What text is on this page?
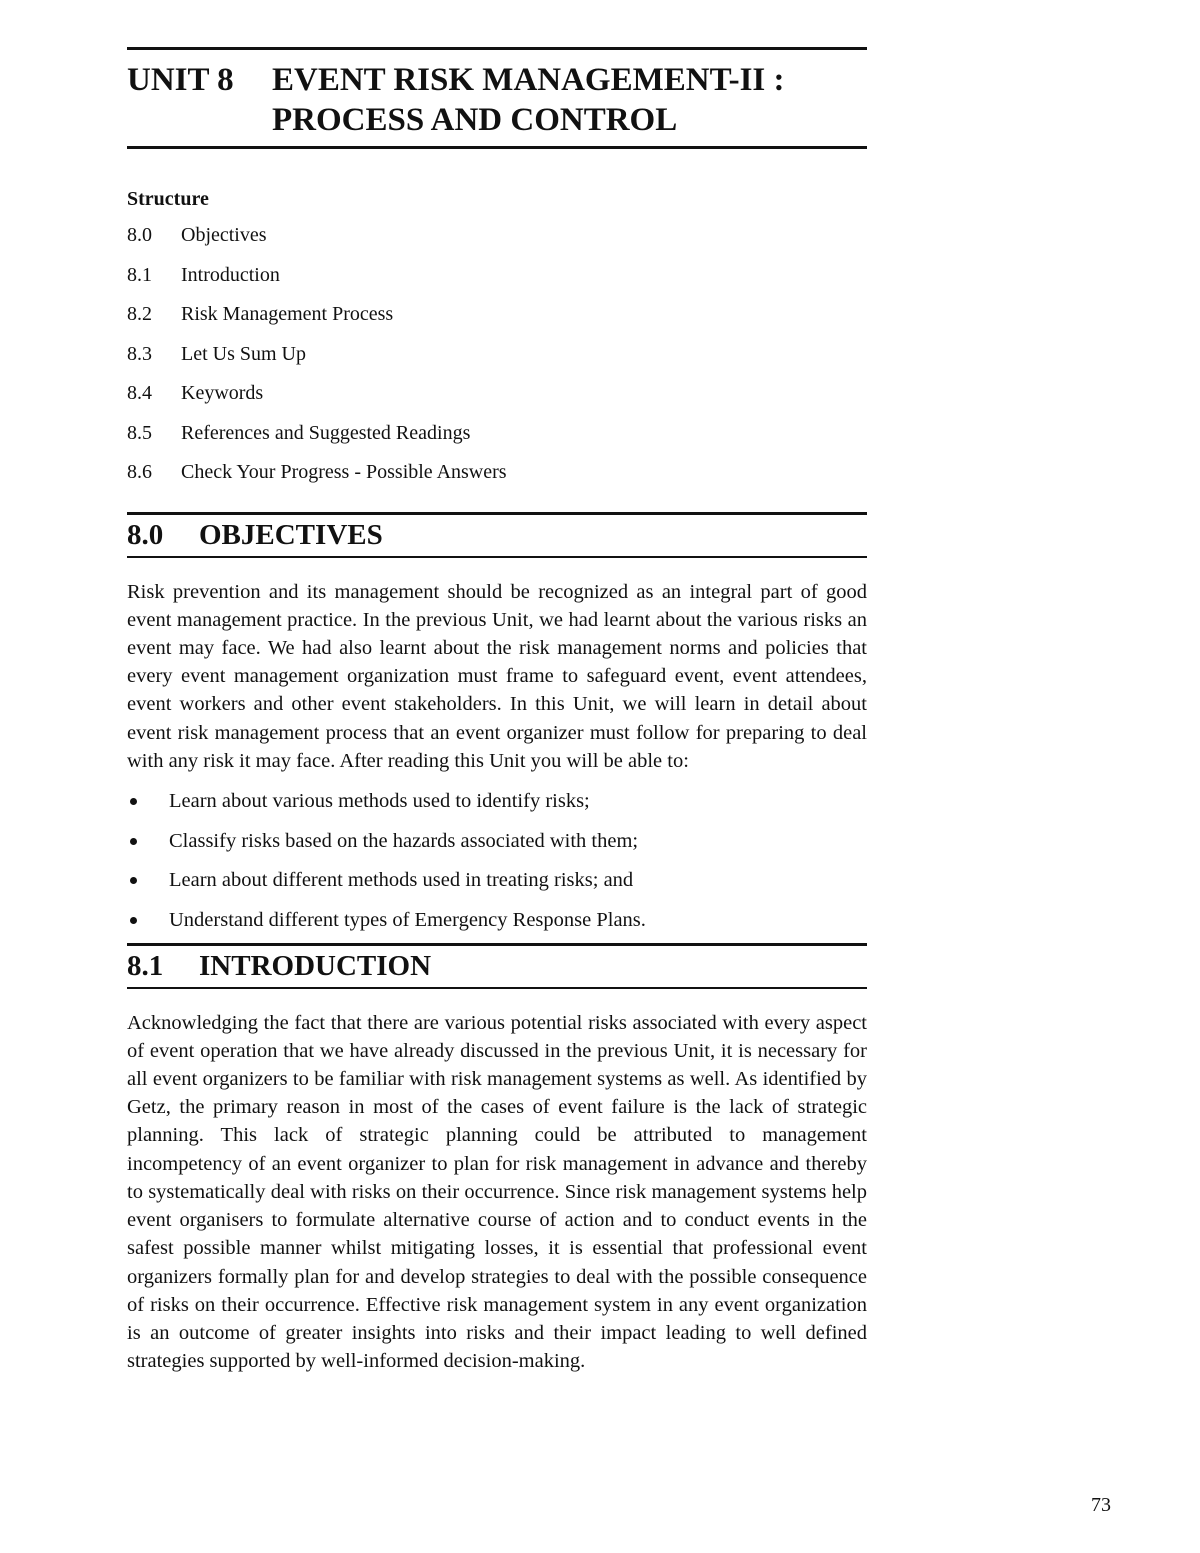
UNIT 8	EVENT RISK MANAGEMENT-II :
PROCESS AND CONTROL
Structure
8.0	Objectives
8.1	Introduction
8.2	Risk Management Process
8.3	Let Us Sum Up
8.4	Keywords
8.5	References and Suggested Readings
8.6	Check Your Progress - Possible Answers
8.0	OBJECTIVES

Risk prevention and its management should be recognized as an integral part of good event management practice. In the previous Unit, we had learnt about the various risks an event may face. We had also learnt about the risk management norms and policies that every event management organization must frame to safeguard event, event attendees, event workers and other event stakeholders. In this Unit, we will learn in detail about event risk management process that an event organizer must follow for preparing to deal with any risk it may face. After reading this Unit you will be able to:

Learn about various methods used to identify risks;
Classify risks based on the hazards associated with them;
Learn about different methods used in treating risks; and
Understand different types of Emergency Response Plans.
8.1	INTRODUCTION

Acknowledging the fact that there are various potential risks associated with every aspect of event operation that we have already discussed in the previous Unit, it is necessary for all event organizers to be familiar with risk management systems as well. As identified by Getz, the primary reason in most of the cases of event failure is the lack of strategic planning. This lack of strategic planning could be attributed to management incompetency of an event organizer to plan for risk management in advance and thereby to systematically deal with risks on their occurrence. Since risk management systems help event organisers to formulate alternative course of action and to conduct events in the safest possible manner whilst mitigating losses, it is essential that professional event organizers formally plan for and develop strategies to deal with the possible consequence of risks on their occurrence. Effective risk management system in any event organization is an outcome of greater insights into risks and their impact leading to well defined strategies supported by well-informed decision-making.

73
